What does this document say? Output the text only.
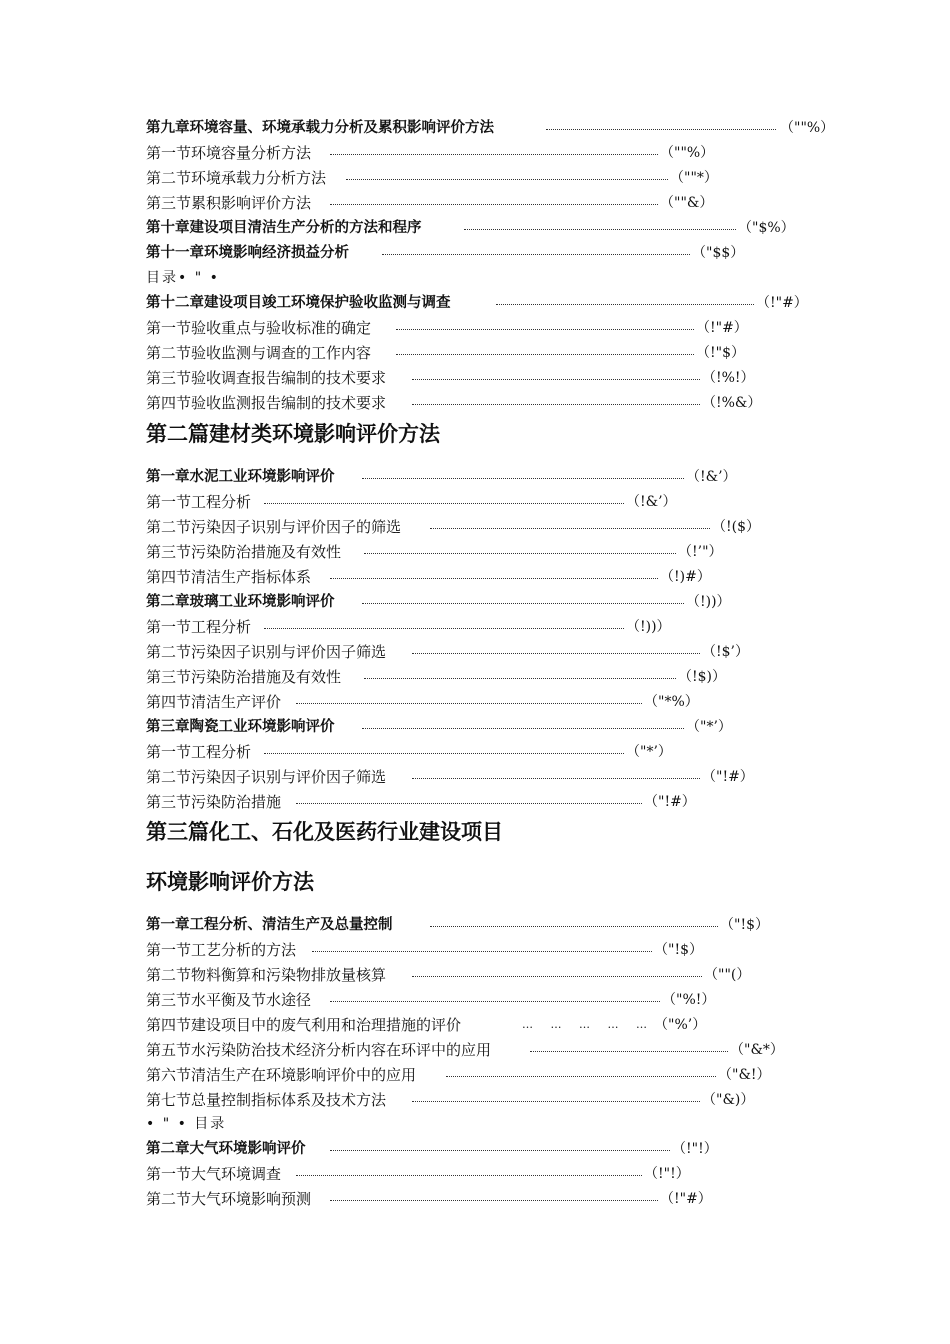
第九章环境容量、环境承载力分析及累积影响评价方法	（""%）
第一节环境容量分析方法	（""%）
第二节环境承载力分析方法	（""*）
第三节累积影响评价方法	（""&）
第十章建设项目清洁生产分析的方法和程序	（"$%）
第十一章环境影响经济损益分析	（"$$）
目录• " •
第十二章建设项目竣工环境保护验收监测与调查	（!"#）
第一节验收重点与验收标准的确定	（!"#）
第二节验收监测与调查的工作内容	（!"$）
第三节验收调查报告编制的技术要求	（!%!）
第四节验收监测报告编制的技术要求	（!%&）
第二篇建材类环境影响评价方法
第一章水泥工业环境影响评价	（!&’）
第一节工程分析	（!&’）
第二节污染因子识别与评价因子的筛选	（!($）
第三节污染防治措施及有效性	（!’"）
第四节清洁生产指标体系	（!)#）
第二章玻璃工业环境影响评价	（!))）
第一节工程分析	（!))）
第二节污染因子识别与评价因子筛选	（!$’）
第三节污染防治措施及有效性	（!$)）
第四节清洁生产评价	（"*%）
第三章陶瓷工业环境影响评价	（"*’）
第一节工程分析	（"*’）
第二节污染因子识别与评价因子筛选	（"!#）
第三节污染防治措施	（"!#）
第三篇化工、石化及医药行业建设项目
环境影响评价方法
第一章工程分析、清洁生产及总量控制	（"!$）
第一节工艺分析的方法	（"!$）
第二节物料衡算和污染物排放量核算	（""(）
第三节水平衡及节水途径	（"%!）
第四节建设项目中的废气利用和治理措施的评价	… … … … … （"%’）
第五节水污染防治技术经济分析内容在环评中的应用	（"&*）
第六节清洁生产在环境影响评价中的应用	（"&!）
第七节总量控制指标体系及技术方法	（"&)）
• " • 目录
第二章大气环境影响评价	（!"!）
第一节大气环境调查	（!"!）
第二节大气环境影响预测	（!"#）
